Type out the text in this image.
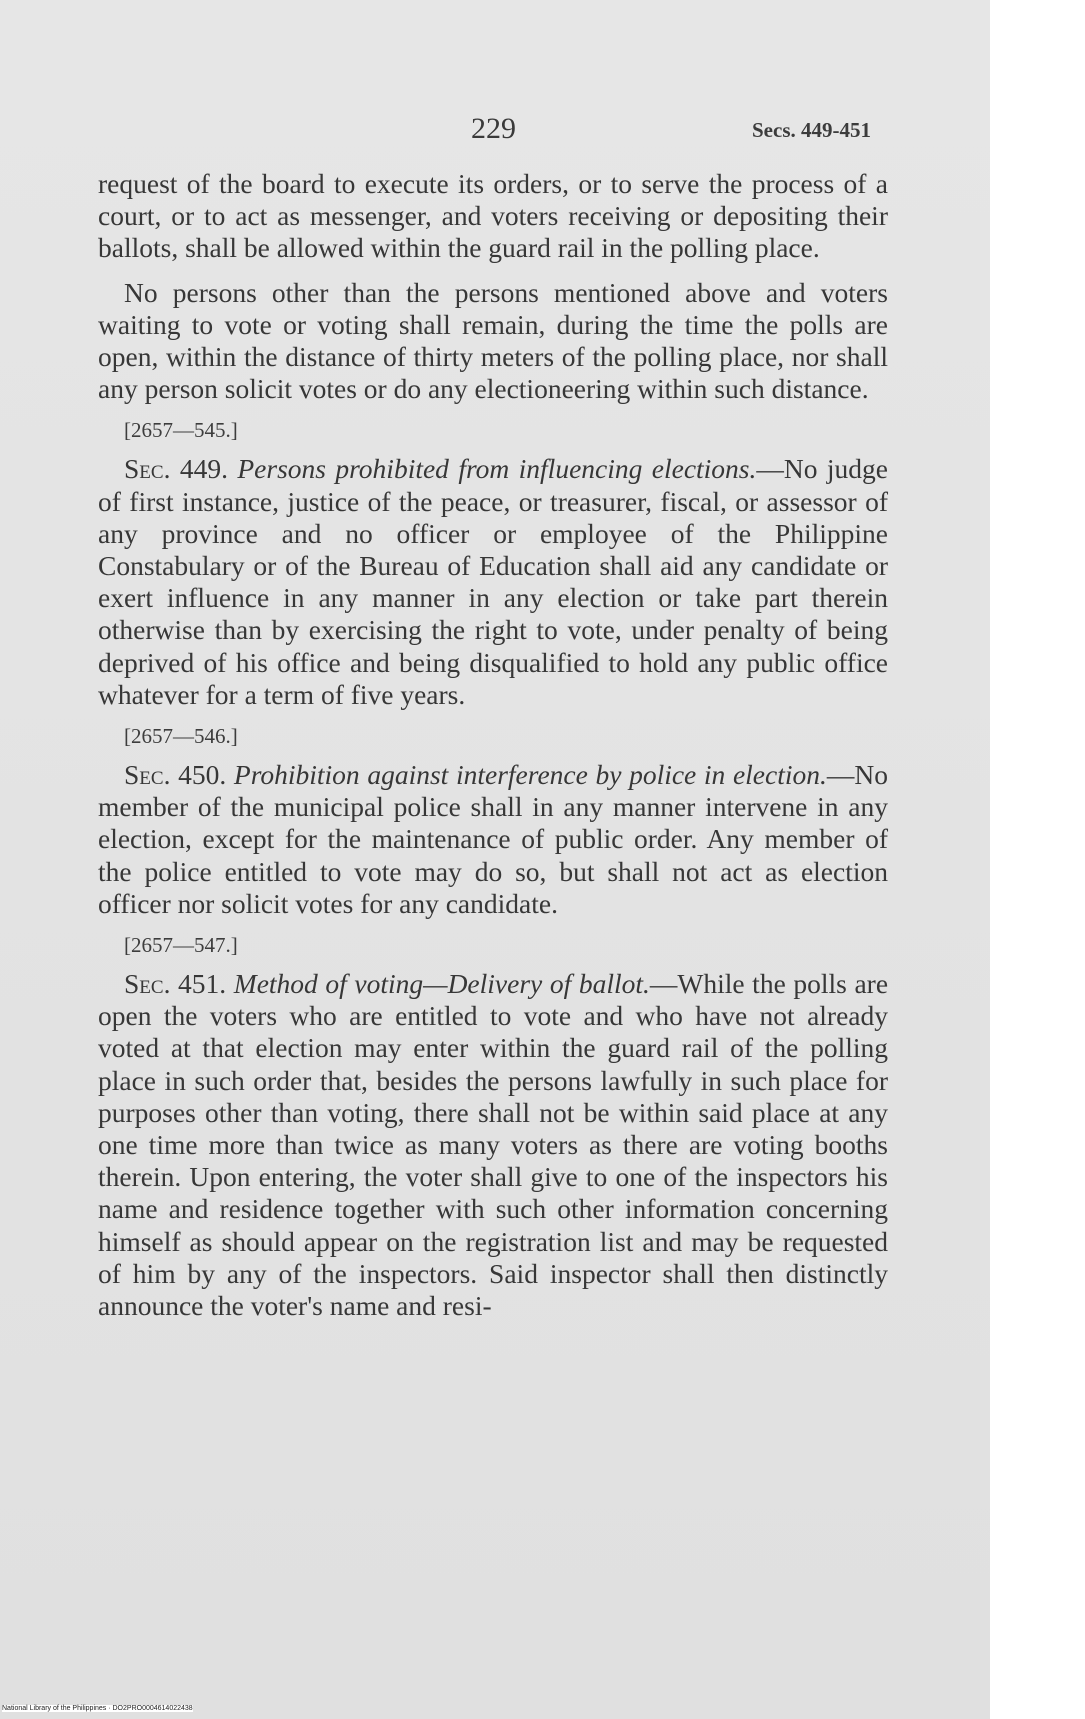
229	Secs. 449-451

request of the board to execute its orders, or to serve the process of a court, or to act as messenger, and voters receiving or depositing their ballots, shall be allowed within the guard rail in the polling place.

No persons other than the persons mentioned above and voters waiting to vote or voting shall remain, during the time the polls are open, within the distance of thirty meters of the polling place, nor shall any person solicit votes or do any electioneering within such distance.

[2657—545.]

Sec. 449. Persons prohibited from influencing elections.—No judge of first instance, justice of the peace, or treasurer, fiscal, or assessor of any province and no officer or employee of the Philippine Constabulary or of the Bureau of Education shall aid any candidate or exert influence in any manner in any election or take part therein otherwise than by exercising the right to vote, under penalty of being deprived of his office and being disqualified to hold any public office whatever for a term of five years.

[2657—546.]

Sec. 450. Prohibition against interference by police in election.—No member of the municipal police shall in any manner intervene in any election, except for the maintenance of public order. Any member of the police entitled to vote may do so, but shall not act as election officer nor solicit votes for any candidate.

[2657—547.]

Sec. 451. Method of voting—Delivery of ballot.—While the polls are open the voters who are entitled to vote and who have not already voted at that election may enter within the guard rail of the polling place in such order that, besides the persons lawfully in such place for purposes other than voting, there shall not be within said place at any one time more than twice as many voters as there are voting booths therein. Upon entering, the voter shall give to one of the inspectors his name and residence together with such other information concerning himself as should appear on the registration list and may be requested of him by any of the inspectors. Said inspector shall then distinctly announce the voter's name and resi-

National Library of the Philippines · DO2PRO0004614022438
